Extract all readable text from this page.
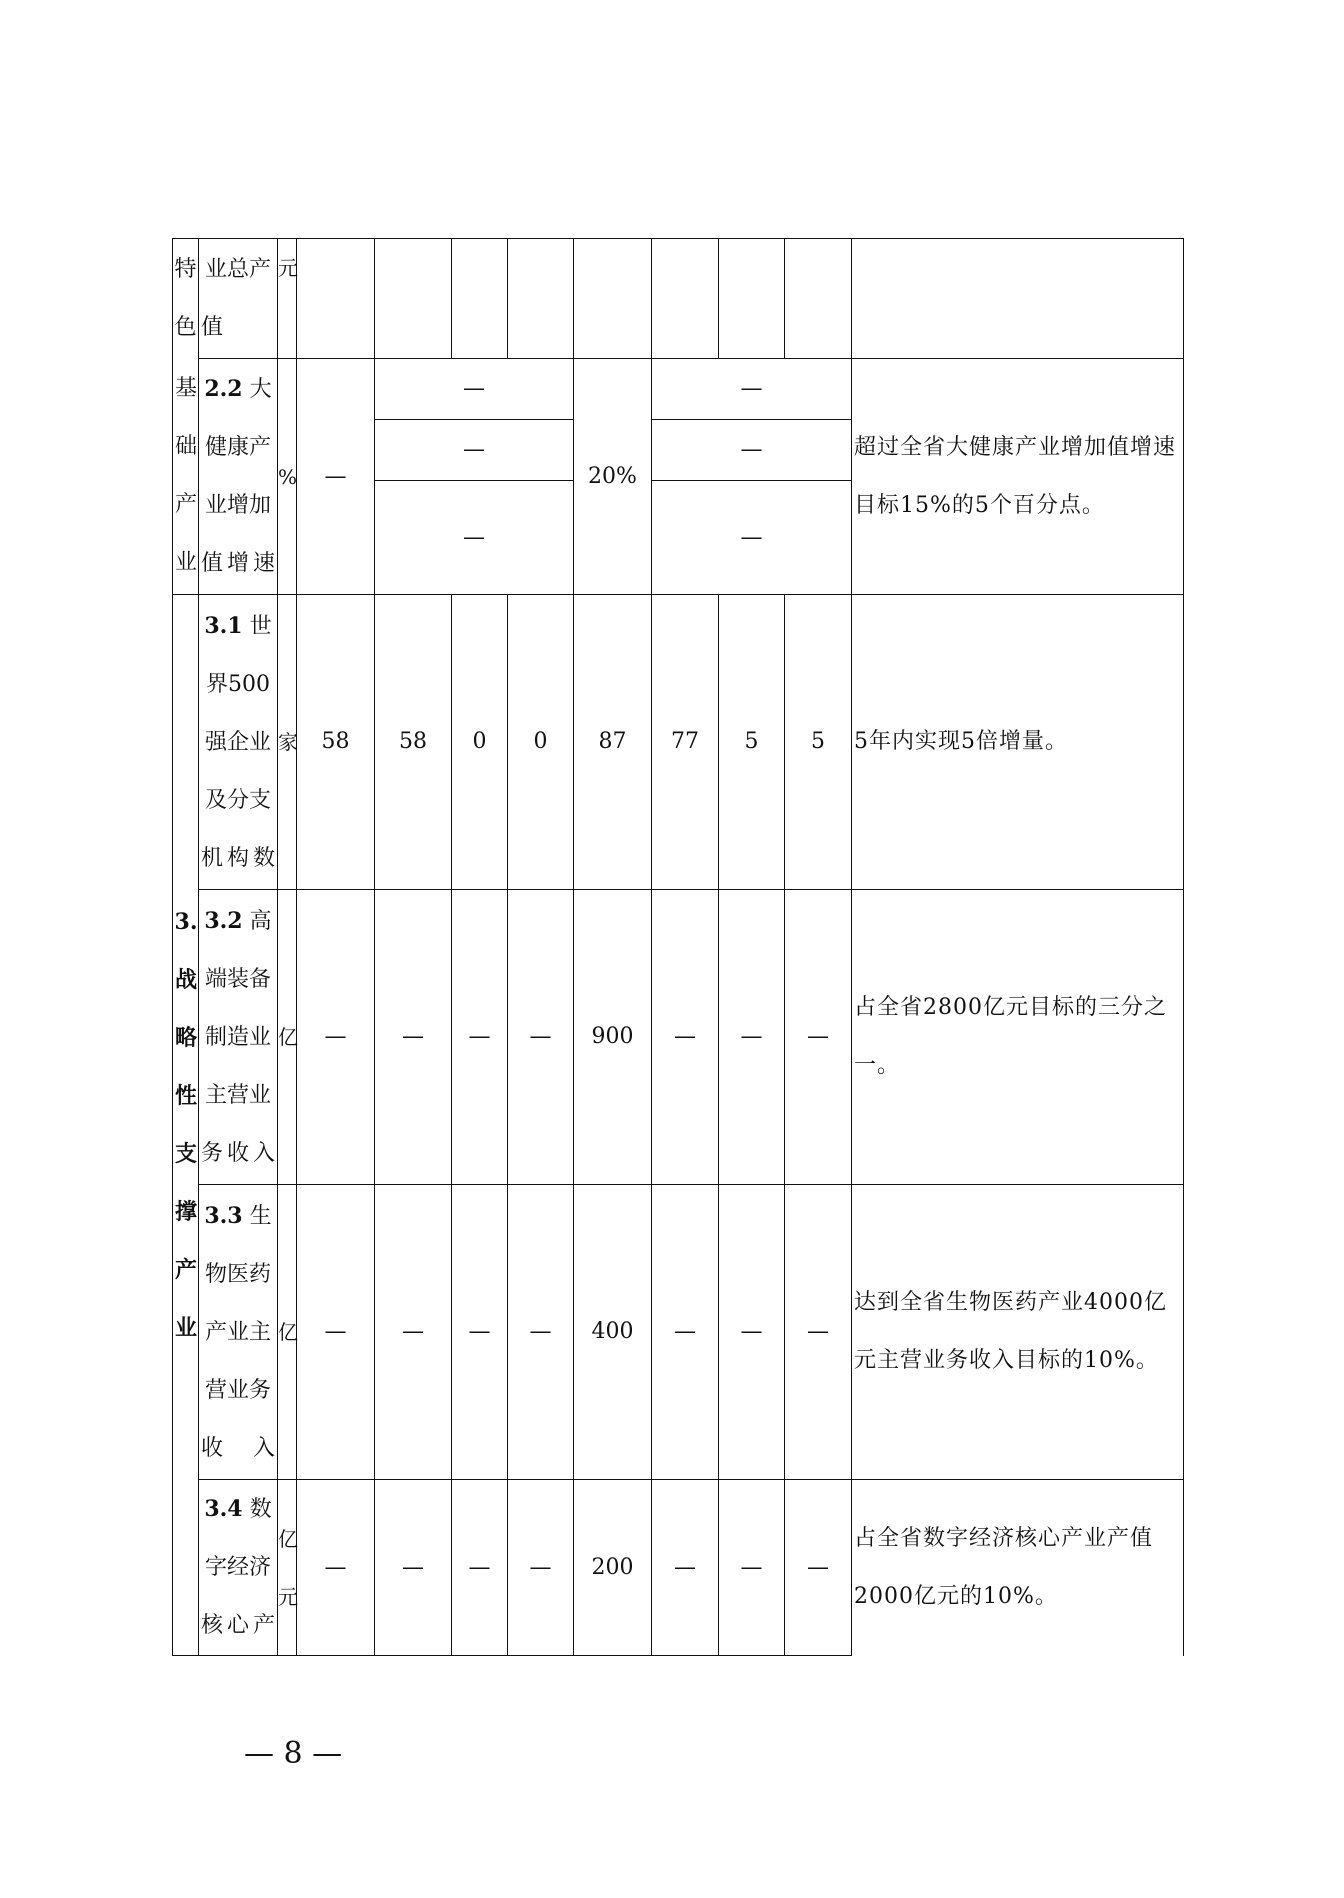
特色	业总产值	元									

基础产业	2.2 大健康产业增加值增速	%	—	—			20%	—			超过全省大健康产业增加值增速目标15%的5个百分点。
				—				—			
				—				—			

3.战略性支撑产业	3.1 世界500强企业及分支机构数	家	58	58	0	0	87	77	5	5	5年内实现5倍增量。
	3.2 高端装备制造业主营业务收入	亿	—	—	—	—	900	—	—	—	占全省2800亿元目标的三分之一。
	3.3 生物医药产业主营业务收入	亿	—	—	—	—	400	—	—	—	达到全省生物医药产业4000亿元主营业务收入目标的10%。
	3.4 数字经济核心产	亿元	—	—	—	—	200	—	—	—	占全省数字经济核心产业产值2000亿元的10%。
— 8 —
